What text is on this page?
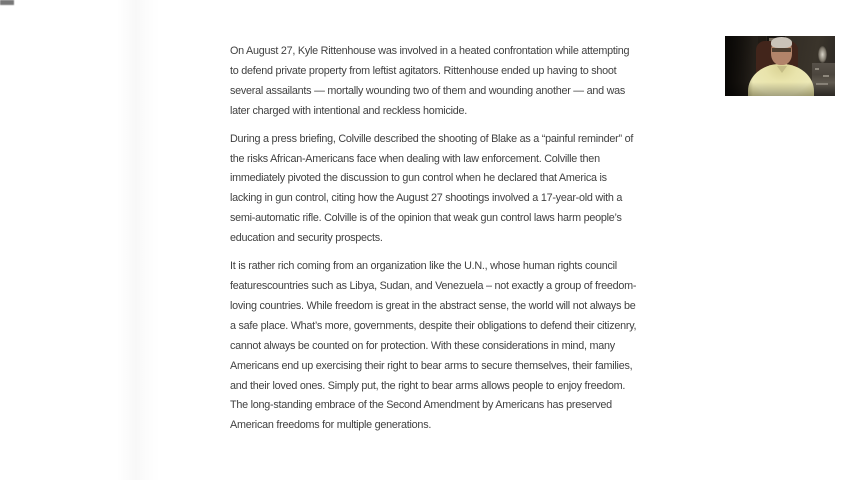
On August 27, Kyle Rittenhouse was involved in a heated confrontation while attempting to defend private property from leftist agitators. Rittenhouse ended up having to shoot several assailants — mortally wounding two of them and wounding another — and was later charged with intentional and reckless homicide.

During a press briefing, Colville described the shooting of Blake as a “painful reminder” of the risks African-Americans face when dealing with law enforcement. Colville then immediately pivoted the discussion to gun control when he declared that America is lacking in gun control, citing how the August 27 shootings involved a 17-year-old with a semi-automatic rifle. Colville is of the opinion that weak gun control laws harm people’s education and security prospects.

It is rather rich coming from an organization like the U.N., whose human rights council featurescountries such as Libya, Sudan, and Venezuela – not exactly a group of freedom-loving countries. While freedom is great in the abstract sense, the world will not always be a safe place. What’s more, governments, despite their obligations to defend their citizenry, cannot always be counted on for protection. With these considerations in mind, many Americans end up exercising their right to bear arms to secure themselves, their families, and their loved ones. Simply put, the right to bear arms allows people to enjoy freedom. The long-standing embrace of the Second Amendment by Americans has preserved American freedoms for multiple generations.
